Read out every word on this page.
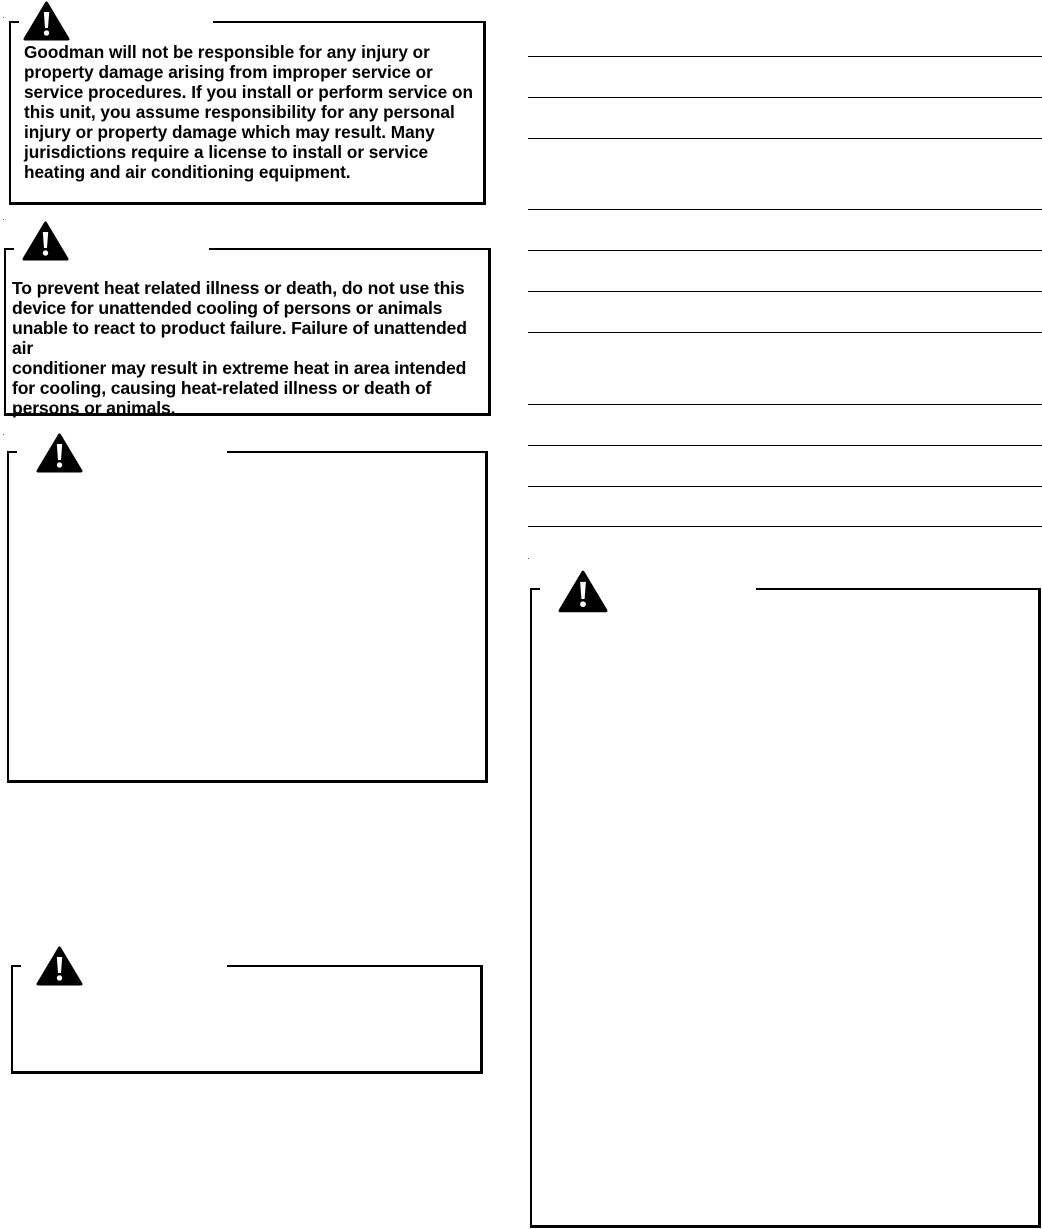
Goodman will not be responsible for any injury or
property damage arising from improper service or
service procedures. If you install or perform service on
this unit, you assume responsibility for any personal
injury or property damage which may result. Many
jurisdictions require a license to install or service
heating and air conditioning equipment.

To prevent heat related illness or death, do not use this
device for unattended cooling of persons or animals
unable to react to product failure. Failure of unattended air
conditioner may result in extreme heat in area intended
for cooling, causing heat-related illness or death of
persons or animals.
